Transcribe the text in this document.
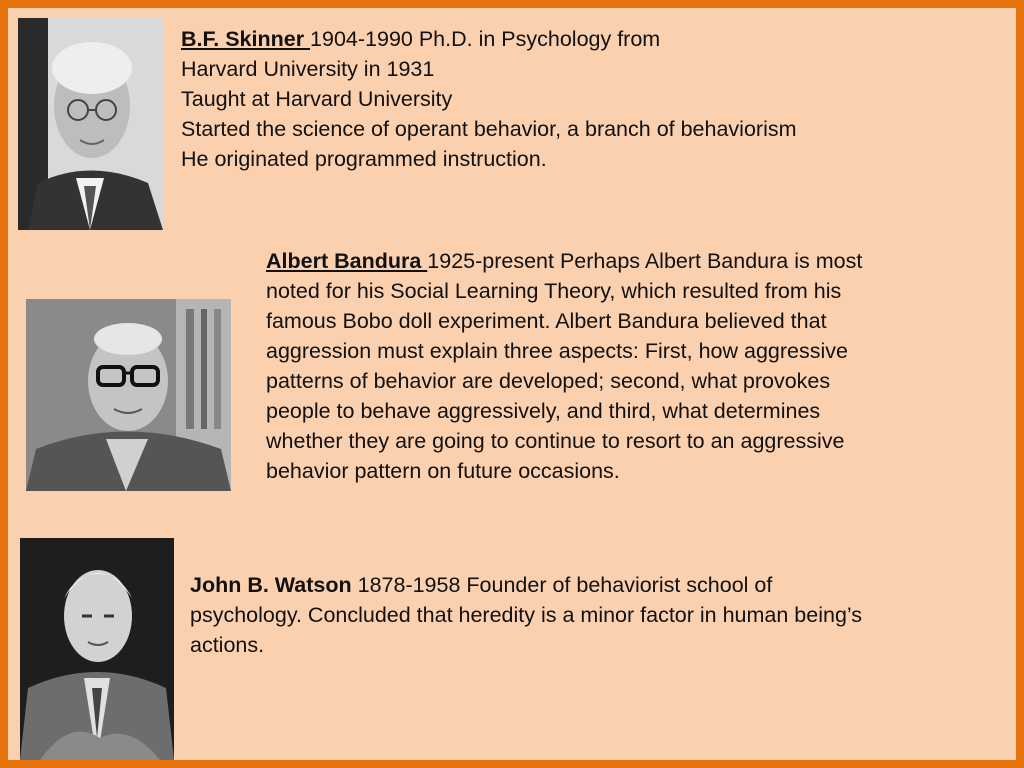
B.F. Skinner 1904-1990 Ph.D. in Psychology from
Harvard University in 1931
Taught at Harvard University
Started the science of operant behavior, a branch of behaviorism
He originated programmed instruction.

Albert Bandura 1925-present Perhaps Albert Bandura is most
noted for his Social Learning Theory, which resulted from his
famous Bobo doll experiment. Albert Bandura believed that
aggression must explain three aspects: First, how aggressive
patterns of behavior are developed; second, what provokes
people to behave aggressively, and third, what determines
whether they are going to continue to resort to an aggressive
behavior pattern on future occasions.

John B. Watson 1878-1958 Founder of behaviorist school of
psychology. Concluded that heredity is a minor factor in human being’s
actions.
